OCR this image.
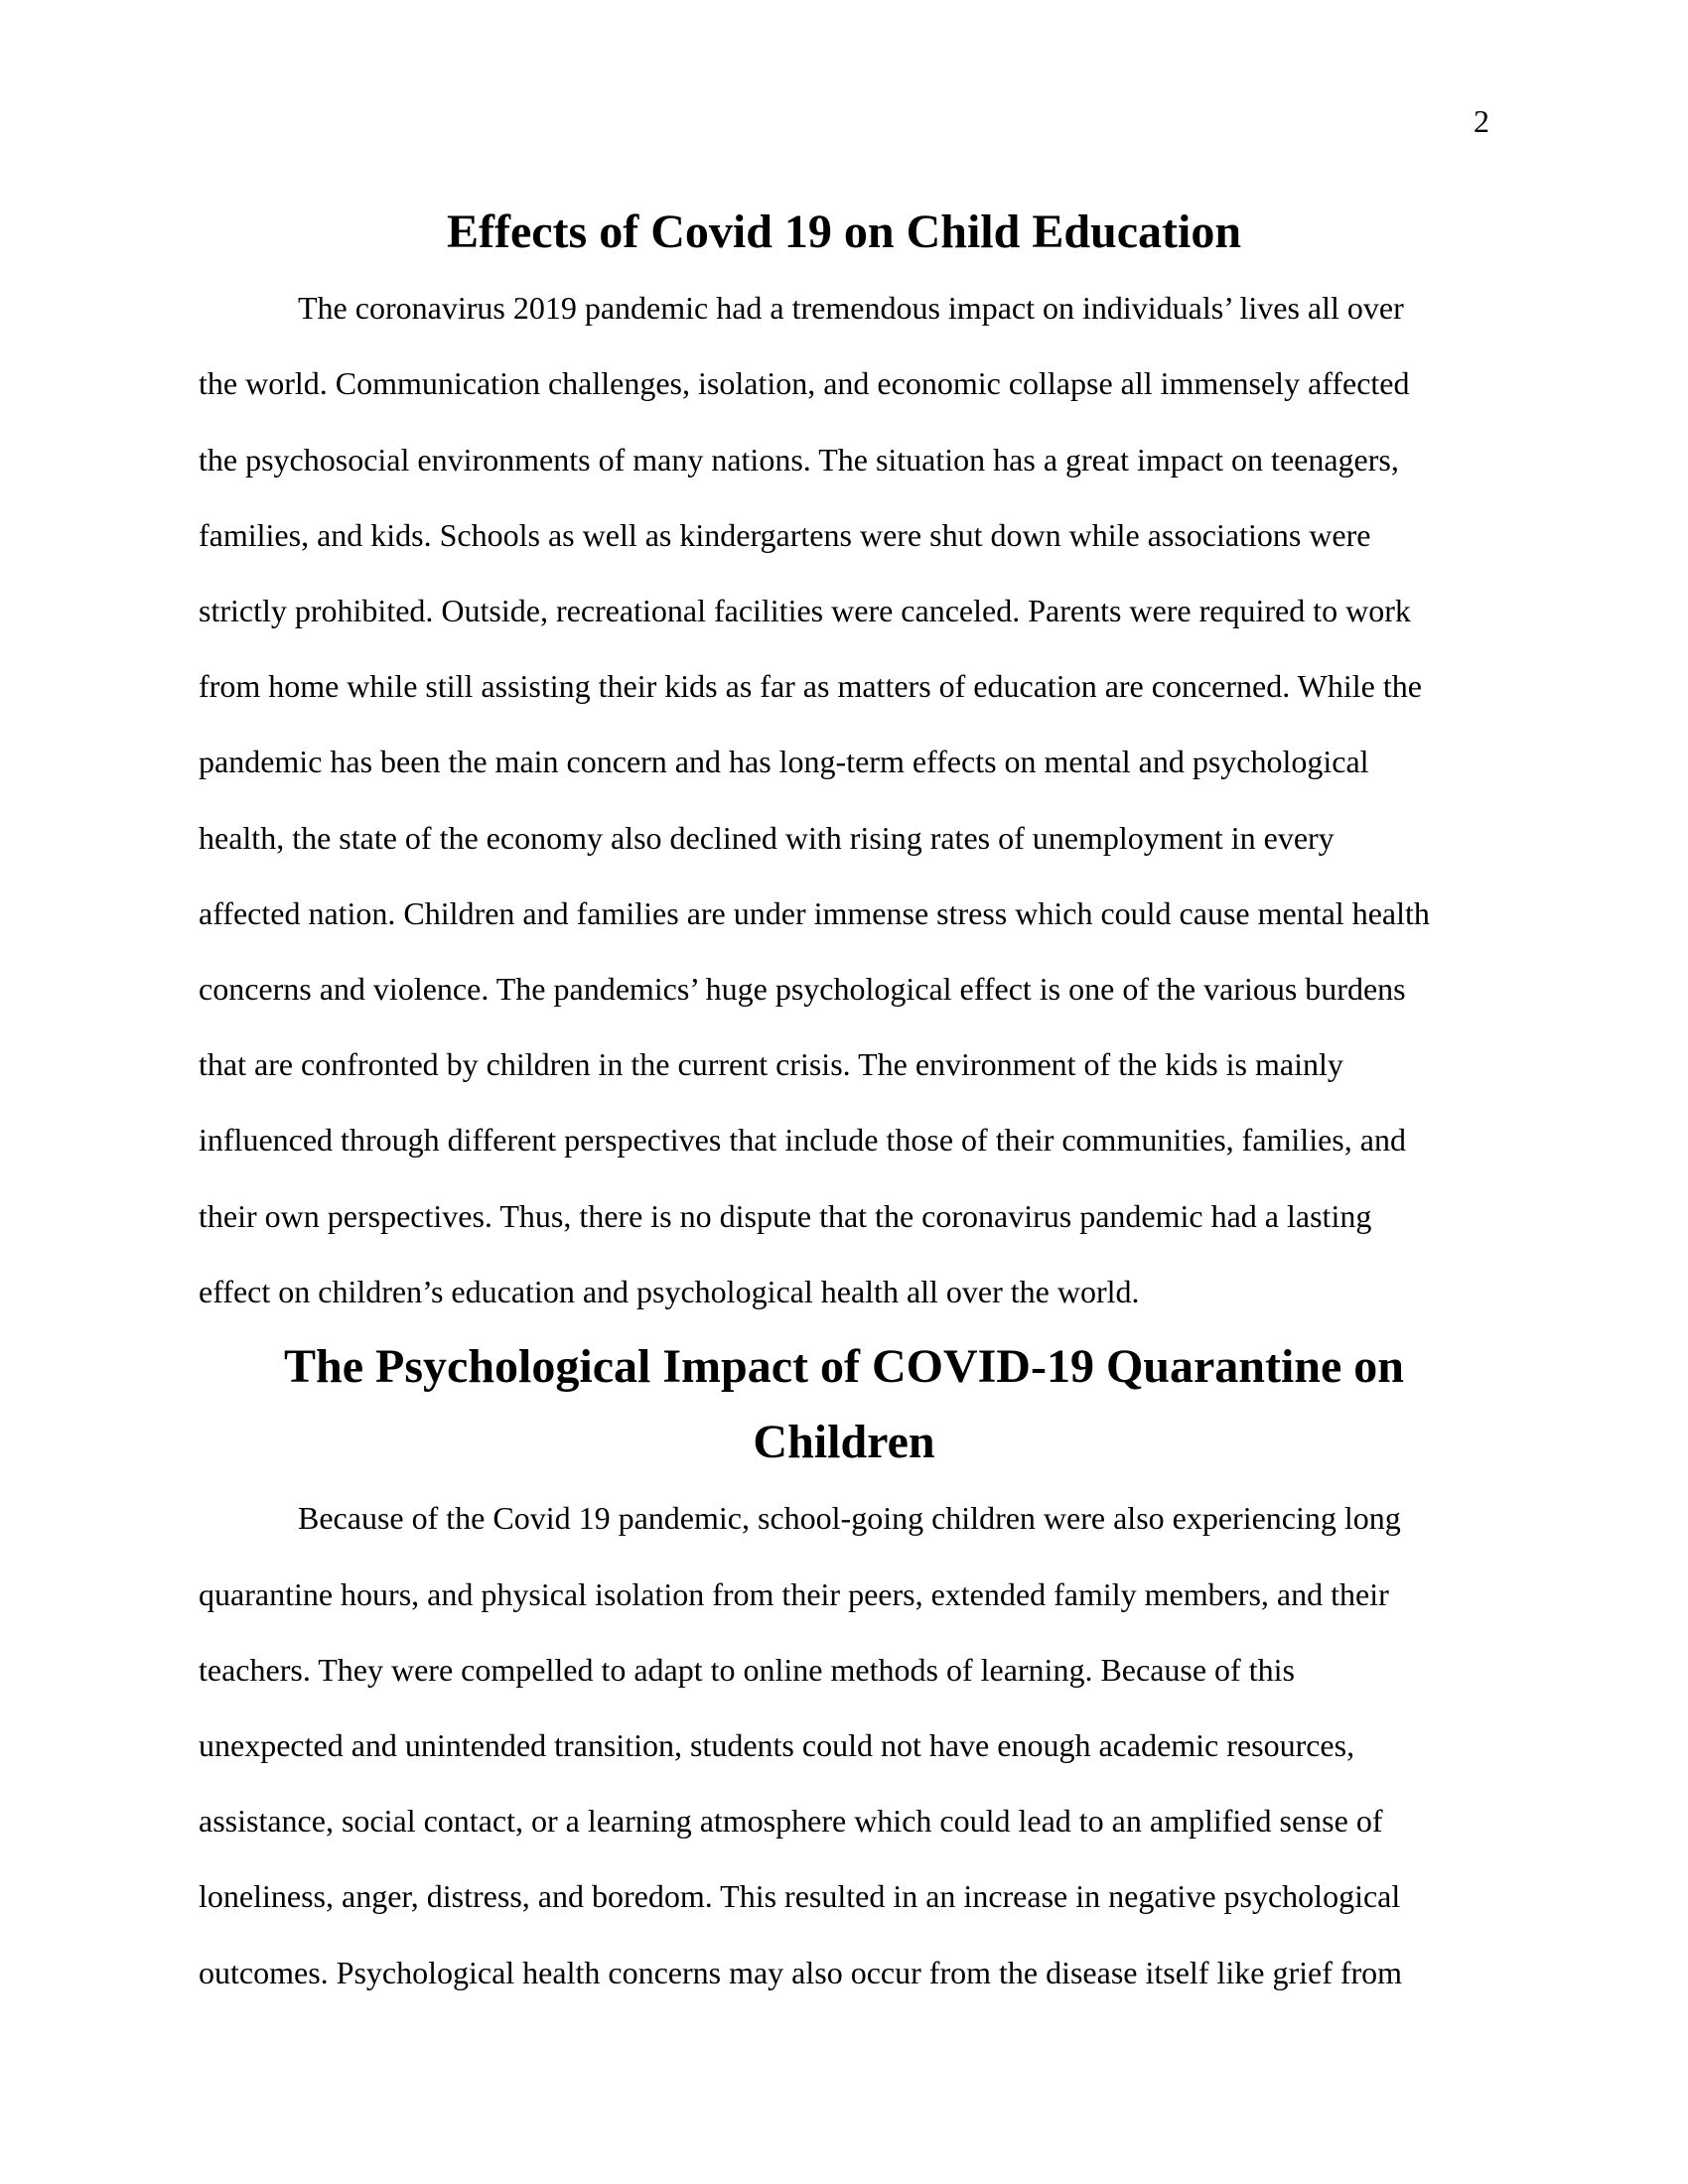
2
Effects of Covid 19 on Child Education

The coronavirus 2019 pandemic had a tremendous impact on individuals’ lives all over
the world. Communication challenges, isolation, and economic collapse all immensely affected
the psychosocial environments of many nations. The situation has a great impact on teenagers,
families, and kids. Schools as well as kindergartens were shut down while associations were
strictly prohibited. Outside, recreational facilities were canceled. Parents were required to work
from home while still assisting their kids as far as matters of education are concerned. While the
pandemic has been the main concern and has long-term effects on mental and psychological
health, the state of the economy also declined with rising rates of unemployment in every
affected nation. Children and families are under immense stress which could cause mental health
concerns and violence. The pandemics’ huge psychological effect is one of the various burdens
that are confronted by children in the current crisis. The environment of the kids is mainly
influenced through different perspectives that include those of their communities, families, and
their own perspectives. Thus, there is no dispute that the coronavirus pandemic had a lasting
effect on children’s education and psychological health all over the world.

The Psychological Impact of COVID-19 Quarantine on Children

Because of the Covid 19 pandemic, school-going children were also experiencing long
quarantine hours, and physical isolation from their peers, extended family members, and their
teachers. They were compelled to adapt to online methods of learning. Because of this
unexpected and unintended transition, students could not have enough academic resources,
assistance, social contact, or a learning atmosphere which could lead to an amplified sense of
loneliness, anger, distress, and boredom. This resulted in an increase in negative psychological
outcomes. Psychological health concerns may also occur from the disease itself like grief from
